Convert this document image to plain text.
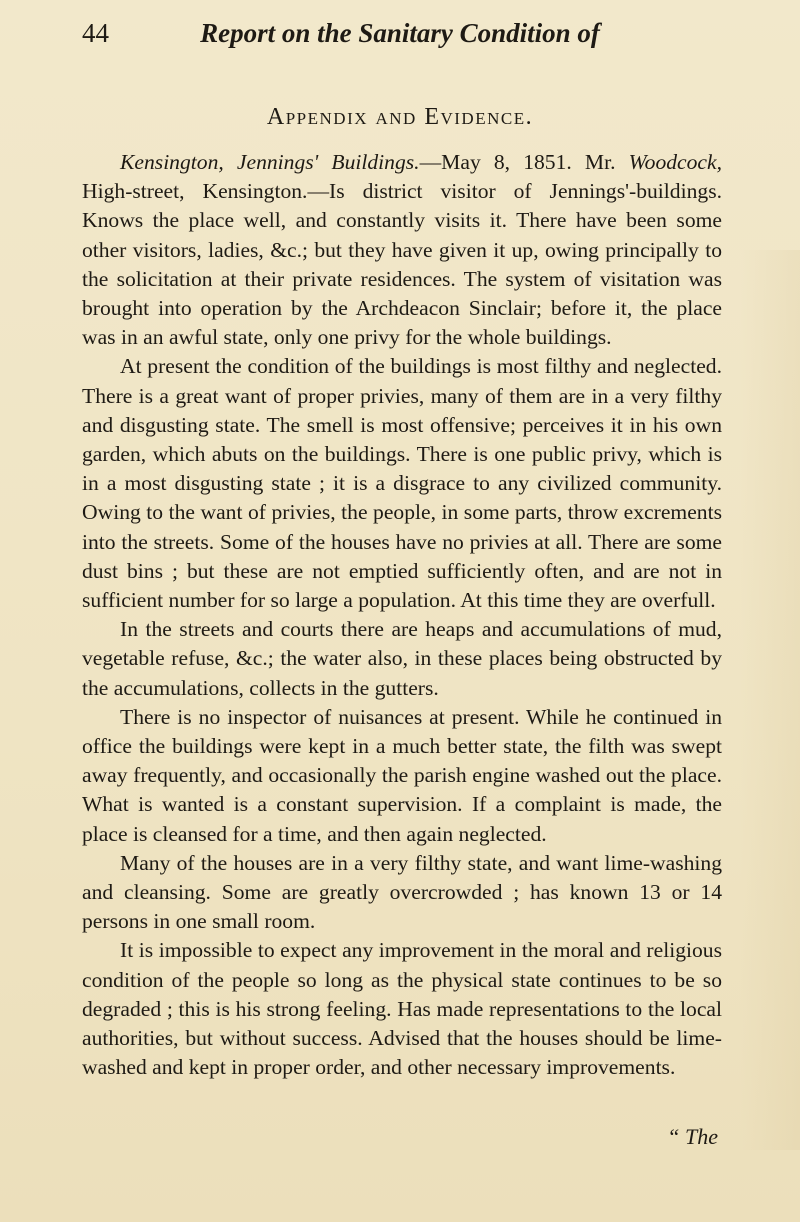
44	Report on the Sanitary Condition of
Appendix and Evidence.

Kensington, Jennings' Buildings.—May 8, 1851. Mr. Woodcock, High-street, Kensington.—Is district visitor of Jennings'-buildings. Knows the place well, and constantly visits it. There have been some other visitors, ladies, &c.; but they have given it up, owing principally to the solicitation at their private residences. The system of visitation was brought into operation by the Archdeacon Sinclair; before it, the place was in an awful state, only one privy for the whole buildings.

At present the condition of the buildings is most filthy and neglected. There is a great want of proper privies, many of them are in a very filthy and disgusting state. The smell is most offensive; perceives it in his own garden, which abuts on the buildings. There is one public privy, which is in a most disgusting state ; it is a disgrace to any civilized community. Owing to the want of privies, the people, in some parts, throw excrements into the streets. Some of the houses have no privies at all. There are some dust bins ; but these are not emptied sufficiently often, and are not in sufficient number for so large a population. At this time they are overfull.

In the streets and courts there are heaps and accumulations of mud, vegetable refuse, &c.; the water also, in these places being obstructed by the accumulations, collects in the gutters.

There is no inspector of nuisances at present. While he continued in office the buildings were kept in a much better state, the filth was swept away frequently, and occasionally the parish engine washed out the place. What is wanted is a constant supervision. If a complaint is made, the place is cleansed for a time, and then again neglected.

Many of the houses are in a very filthy state, and want lime-washing and cleansing. Some are greatly overcrowded ; has known 13 or 14 persons in one small room.

It is impossible to expect any improvement in the moral and religious condition of the people so long as the physical state continues to be so degraded ; this is his strong feeling. Has made representations to the local authorities, but without success. Advised that the houses should be lime-washed and kept in proper order, and other necessary improvements.

“ The
